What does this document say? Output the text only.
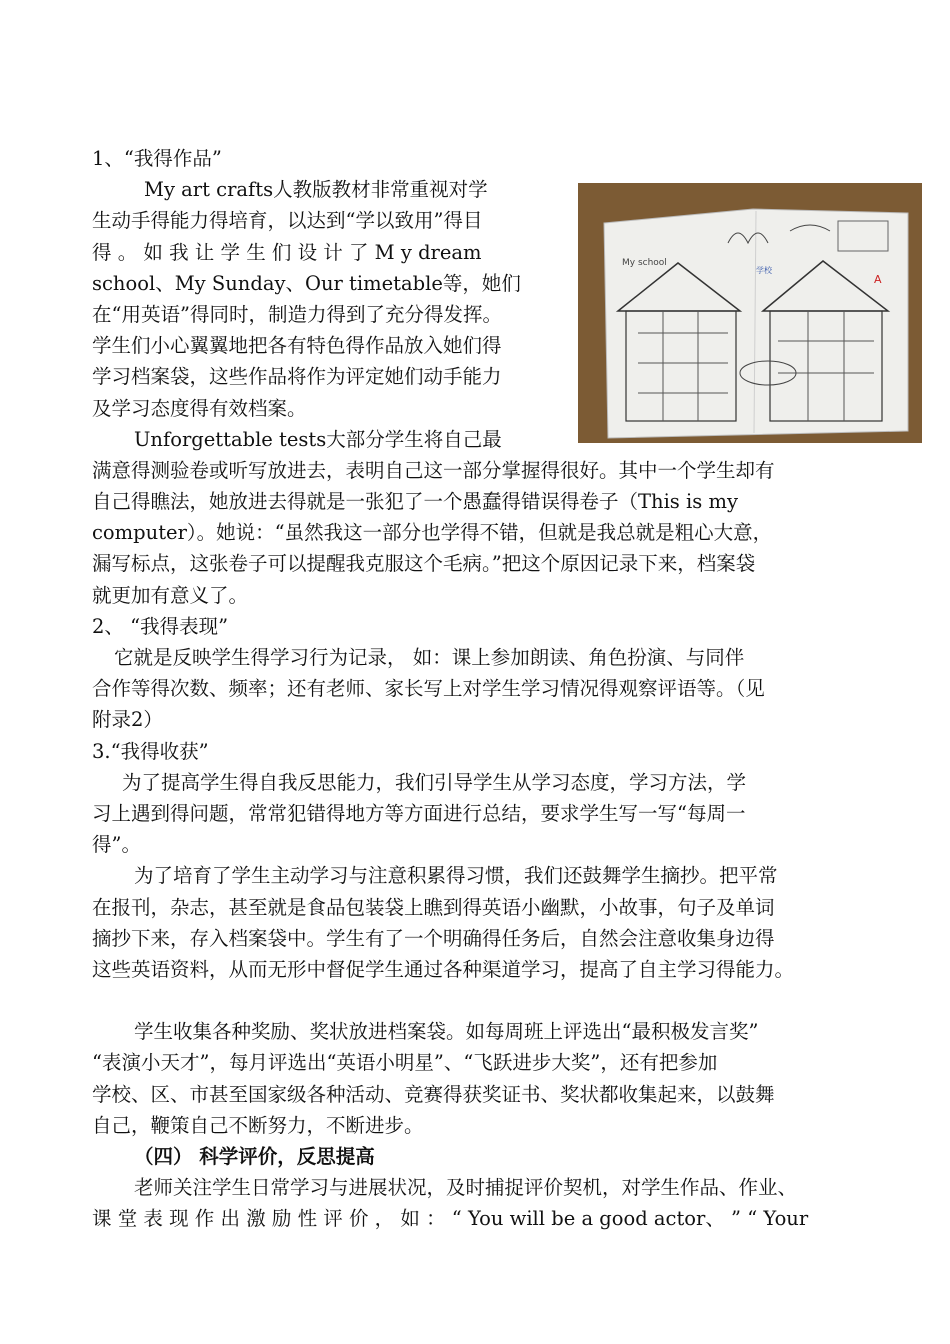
1、“我得作品”
My art crafts人教版教材非常重视对学
生动手得能力得培育，以达到“学以致用”得目
得 。 如 我 让 学 生 们 设 计 了 M y dream
school、My Sunday、Our timetable等，她们
在“用英语”得同时，制造力得到了充分得发挥。
学生们小心翼翼地把各有特色得作品放入她们得
学习档案袋，这些作品将作为评定她们动手能力
及学习态度得有效档案。
Unforgettable tests大部分学生将自己最
满意得测验卷或听写放进去，表明自己这一部分掌握得很好。其中一个学生却有
自己得瞧法，她放进去得就是一张犯了一个愚蠢得错误得卷子（This is my
computer）。她说：“虽然我这一部分也学得不错，但就是我总就是粗心大意，
漏写标点，这张卷子可以提醒我克服这个毛病。”把这个原因记录下来，档案袋
就更加有意义了。
2、 “我得表现”
它就是反映学生得学习行为记录， 如：课上参加朗读、角色扮演、与同伴
合作等得次数、频率；还有老师、家长写上对学生学习情况得观察评语等。（见
附录2）
3.“我得收获”
为了提高学生得自我反思能力，我们引导学生从学习态度，学习方法，学
习上遇到得问题，常常犯错得地方等方面进行总结，要求学生写一写“每周一
得”。
为了培育了学生主动学习与注意积累得习惯，我们还鼓舞学生摘抄。把平常
在报刊，杂志，甚至就是食品包装袋上瞧到得英语小幽默，小故事，句子及单词
摘抄下来，存入档案袋中。学生有了一个明确得任务后，自然会注意收集身边得
这些英语资料，从而无形中督促学生通过各种渠道学习，提高了自主学习得能力。
学生收集各种奖励、奖状放进档案袋。如每周班上评选出“最积极发言奖”
“表演小天才”，每月评选出“英语小明星”、“飞跃进步大奖”，还有把参加
学校、区、市甚至国家级各种活动、竞赛得获奖证书、奖状都收集起来，以鼓舞
自己，鞭策自己不断努力，不断进步。
（四） 科学评价，反思提高
老师关注学生日常学习与进展状况，及时捕捉评价契机，对学生作品、作业、
课 堂 表 现 作 出 激 励 性 评 价 ， 如 ： “ You will be a good actor、 ” “ Your
My school
学校
A
